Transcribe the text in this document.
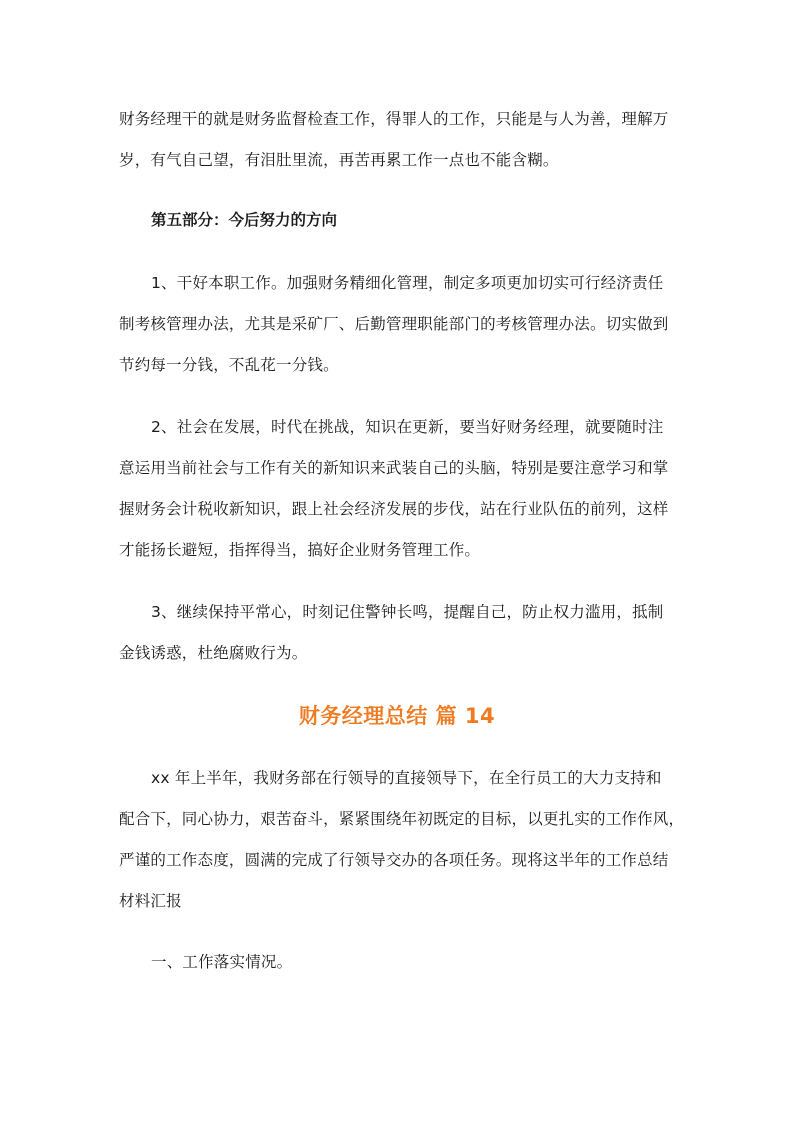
财务经理干的就是财务监督检查工作，得罪人的工作，只能是与人为善，理解万
岁，有气自己望，有泪肚里流，再苦再累工作一点也不能含糊。

第五部分：今后努力的方向

1、干好本职工作。加强财务精细化管理，制定多项更加切实可行经济责任
制考核管理办法，尤其是采矿厂、后勤管理职能部门的考核管理办法。切实做到
节约每一分钱，不乱花一分钱。

2、社会在发展，时代在挑战，知识在更新，要当好财务经理，就要随时注
意运用当前社会与工作有关的新知识来武装自己的头脑，特别是要注意学习和掌
握财务会计税收新知识，跟上社会经济发展的步伐，站在行业队伍的前列，这样
才能扬长避短，指挥得当，搞好企业财务管理工作。

3、继续保持平常心，时刻记住警钟长鸣，提醒自己，防止权力滥用，抵制
金钱诱惑，杜绝腐败行为。

财务经理总结 篇 14

xx 年上半年，我财务部在行领导的直接领导下，在全行员工的大力支持和
配合下，同心协力，艰苦奋斗，紧紧围绕年初既定的目标，以更扎实的工作作风，
严谨的工作态度，圆满的完成了行领导交办的各项任务。现将这半年的工作总结
材料汇报

一、工作落实情况。
